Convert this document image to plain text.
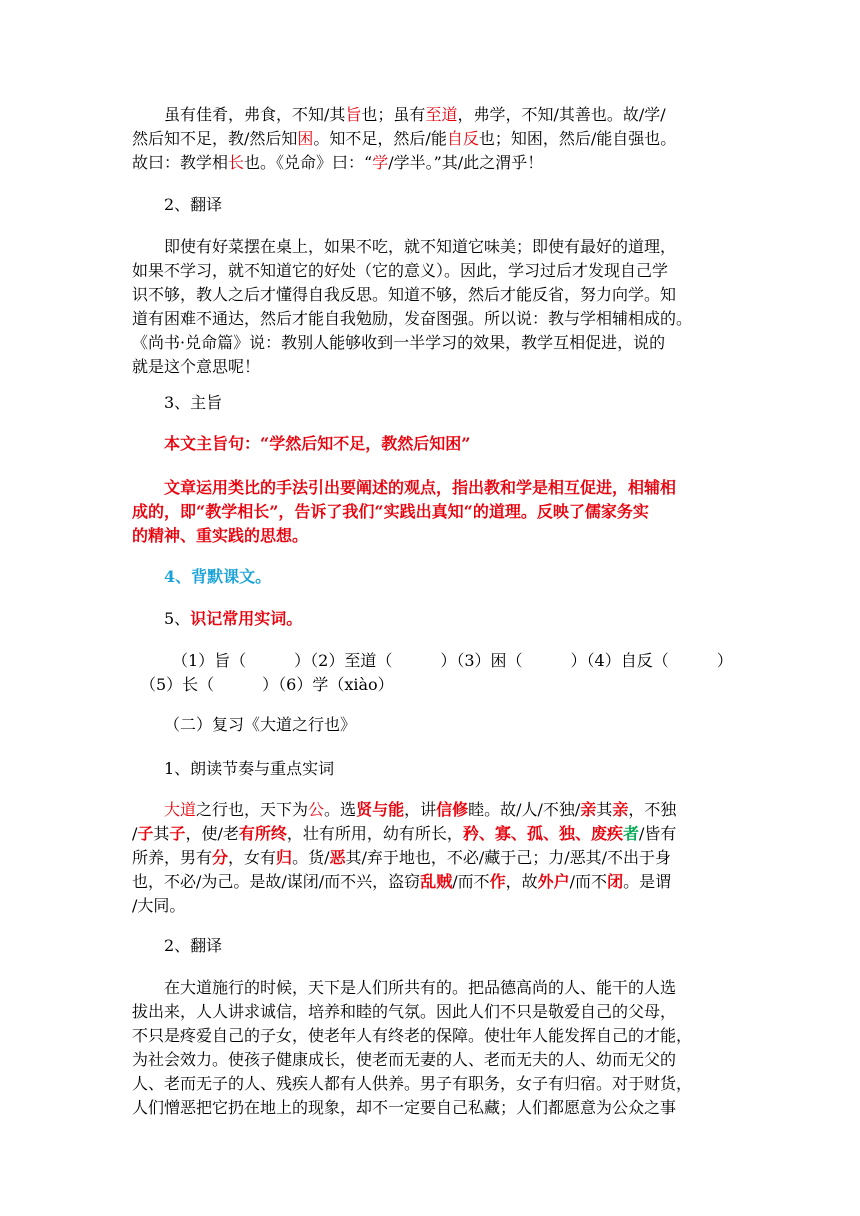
虽有佳肴，弗食，不知/其旨也；虽有至道，弗学，不知/其善也。故/学/
然后知不足，教/然后知困。知不足，然后/能自反也；知困，然后/能自强也。
故曰：教学相长也。《兑命》曰：“学/学半。”其/此之渭乎！
2、翻译
即使有好菜摆在桌上，如果不吃，就不知道它味美；即使有最好的道理，
如果不学习，就不知道它的好处（它的意义）。因此，学习过后才发现自己学
识不够，教人之后才懂得自我反思。知道不够，然后才能反省，努力向学。知
道有困难不通达，然后才能自我勉励，发奋图强。所以说：教与学相辅相成的。
《尚书·兑命篇》说：教别人能够收到一半学习的效果，教学互相促进，说的
就是这个意思呢！
3、主旨
本文主旨句：“学然后知不足，教然后知困”
文章运用类比的手法引出要阐述的观点，指出教和学是相互促进，相辅相
成的，即“教学相长”，告诉了我们“实践出真知“的道理。反映了儒家务实
的精神、重实践的思想。
4、背默课文。
5、识记常用实词。
（1）旨（　　　）（2）至道（　　　）（3）困（　　　）（4）自反（　　　）
（5）长（　　　）（6）学（xiào）
（二）复习《大道之行也》
1、朗读节奏与重点实词
大道之行也，天下为公。选贤与能，讲信修睦。故/人/不独/亲其亲，不独
/子其子，使/老有所终，壮有所用，幼有所长，矜、寡、孤、独、废疾者/皆有
所养，男有分，女有归。货/恶其/弃于地也，不必/藏于己；力/恶其/不出于身
也，不必/为己。是故/谋闭/而不兴，盗窃乱贼/而不作，故外户/而不闭。是谓
/大同。
2、翻译
在大道施行的时候，天下是人们所共有的。把品德高尚的人、能干的人选
拔出来，人人讲求诚信，培养和睦的气氛。因此人们不只是敬爱自己的父母，
不只是疼爱自己的子女，使老年人有终老的保障。使壮年人能发挥自己的才能，
为社会效力。使孩子健康成长，使老而无妻的人、老而无夫的人、幼而无父的
人、老而无子的人、残疾人都有人供养。男子有职务，女子有归宿。对于财货，
人们憎恶把它扔在地上的现象，却不一定要自己私藏；人们都愿意为公众之事
